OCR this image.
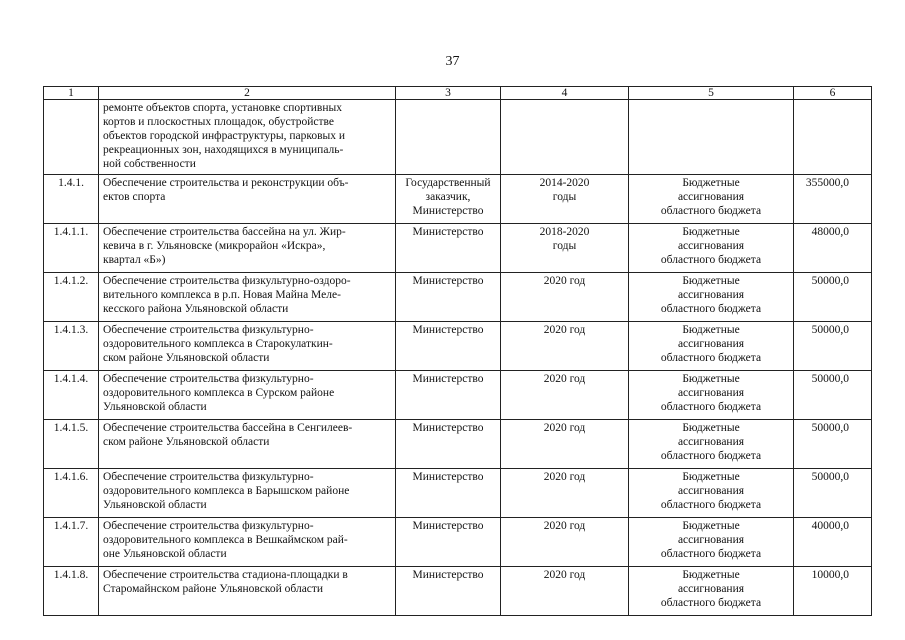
37
1	2	3	4	5	6

	ремонте объектов спорта, установке спортивных
кортов и плоскостных площадок, обустройстве
объектов городской инфраструктуры, парковых и
рекреационных зон, находящихся в муниципаль-
ной собственности				

1.4.1.	Обеспечение строительства и реконструкции объ-
ектов спорта	Государственный
заказчик,
Министерство	2014-2020
годы	Бюджетные
ассигнования
областного бюджета	355000,0
1.4.1.1.	Обеспечение строительства бассейна на ул. Жир-
кевича в г. Ульяновске (микрорайон «Искра»,
квартал «Б»)	Министерство	2018-2020
годы	Бюджетные
ассигнования
областного бюджета	48000,0
1.4.1.2.	Обеспечение строительства физкультурно-оздоро-
вительного комплекса в р.п. Новая Майна Меле-
кесского района Ульяновской области	Министерство	2020 год	Бюджетные
ассигнования
областного бюджета	50000,0
1.4.1.3.	Обеспечение строительства физкультурно-
оздоровительного комплекса в Старокулаткин-
ском районе Ульяновской области	Министерство	2020 год	Бюджетные
ассигнования
областного бюджета	50000,0
1.4.1.4.	Обеспечение строительства физкультурно-
оздоровительного комплекса в Сурском районе
Ульяновской области	Министерство	2020 год	Бюджетные
ассигнования
областного бюджета	50000,0
1.4.1.5.	Обеспечение строительства бассейна в Сенгилеев-
ском районе Ульяновской области	Министерство	2020 год	Бюджетные
ассигнования
областного бюджета	50000,0
1.4.1.6.	Обеспечение строительства физкультурно-
оздоровительного комплекса в Барышском районе
Ульяновской области	Министерство	2020 год	Бюджетные
ассигнования
областного бюджета	50000,0
1.4.1.7.	Обеспечение строительства физкультурно-
оздоровительного комплекса в Вешкаймском рай-
оне Ульяновской области	Министерство	2020 год	Бюджетные
ассигнования
областного бюджета	40000,0
1.4.1.8.	Обеспечение строительства стадиона-площадки в
Старомайнском районе Ульяновской области	Министерство	2020 год	Бюджетные
ассигнования
областного бюджета	10000,0
